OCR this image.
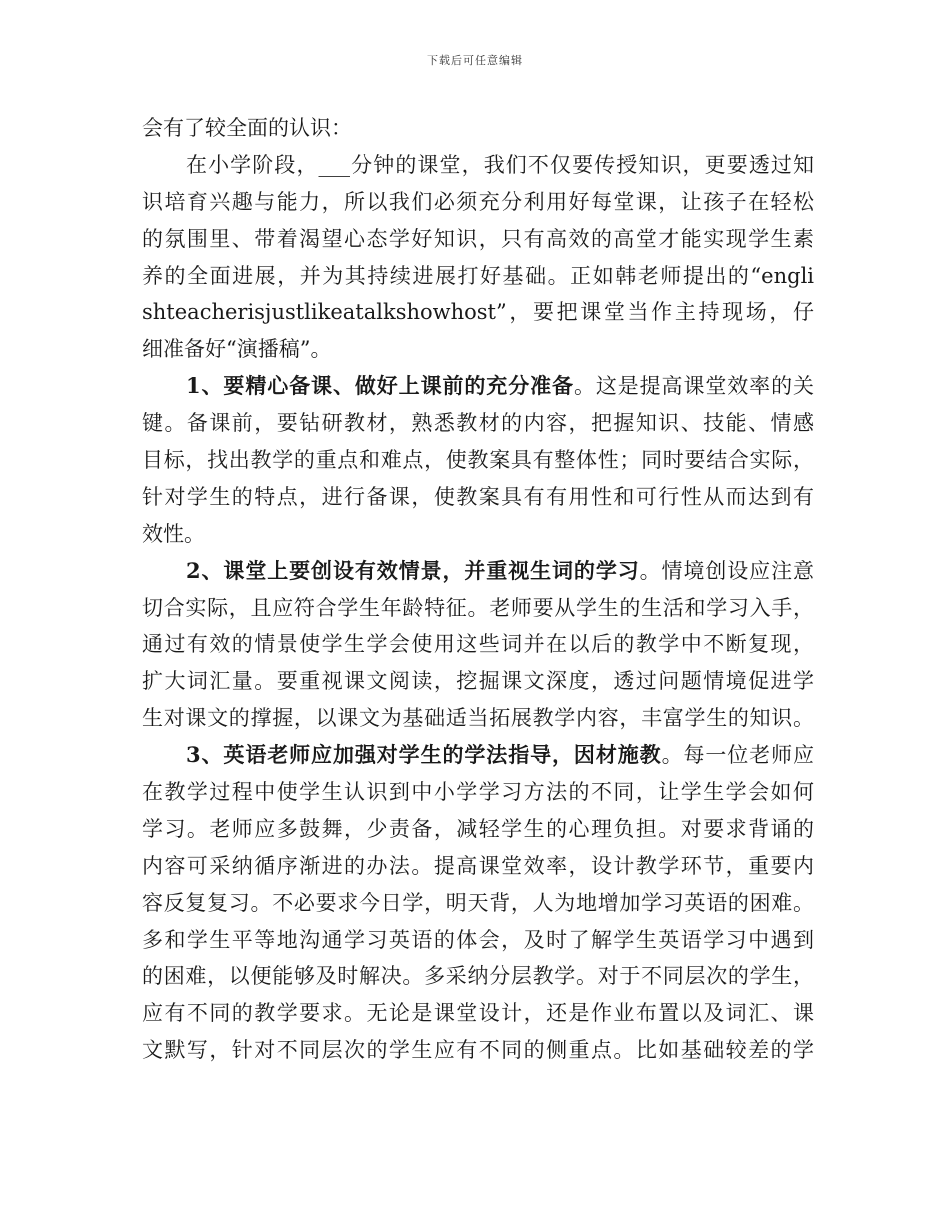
下载后可任意编辑
会有了较全面的认识：
在小学阶段，___分钟的课堂，我们不仅要传授知识，更要透过知
识培育兴趣与能力，所以我们必须充分利用好每堂课，让孩子在轻松
的氛围里、带着渴望心态学好知识，只有高效的高堂才能实现学生素
养的全面进展，并为其持续进展打好基础。正如韩老师提出的“engli
shteacherisjustlikeatalkshowhost”，要把课堂当作主持现场，仔
细准备好“演播稿”。
1、要精心备课、做好上课前的充分准备。这是提高课堂效率的关
键。备课前，要钻研教材，熟悉教材的内容，把握知识、技能、情感
目标，找出教学的重点和难点，使教案具有整体性；同时要结合实际，
针对学生的特点，进行备课，使教案具有有用性和可行性从而达到有
效性。
2、课堂上要创设有效情景，并重视生词的学习。情境创设应注意
切合实际，且应符合学生年龄特征。老师要从学生的生活和学习入手，
通过有效的情景使学生学会使用这些词并在以后的教学中不断复现，
扩大词汇量。要重视课文阅读，挖掘课文深度，透过问题情境促进学
生对课文的撑握，以课文为基础适当拓展教学内容，丰富学生的知识。
3、英语老师应加强对学生的学法指导，因材施教。每一位老师应
在教学过程中使学生认识到中小学学习方法的不同，让学生学会如何
学习。老师应多鼓舞，少责备，减轻学生的心理负担。对要求背诵的
内容可采纳循序渐进的办法。提高课堂效率，设计教学环节，重要内
容反复复习。不必要求今日学，明天背，人为地增加学习英语的困难。
多和学生平等地沟通学习英语的体会，及时了解学生英语学习中遇到
的困难，以便能够及时解决。多采纳分层教学。对于不同层次的学生，
应有不同的教学要求。无论是课堂设计，还是作业布置以及词汇、课
文默写，针对不同层次的学生应有不同的侧重点。比如基础较差的学
